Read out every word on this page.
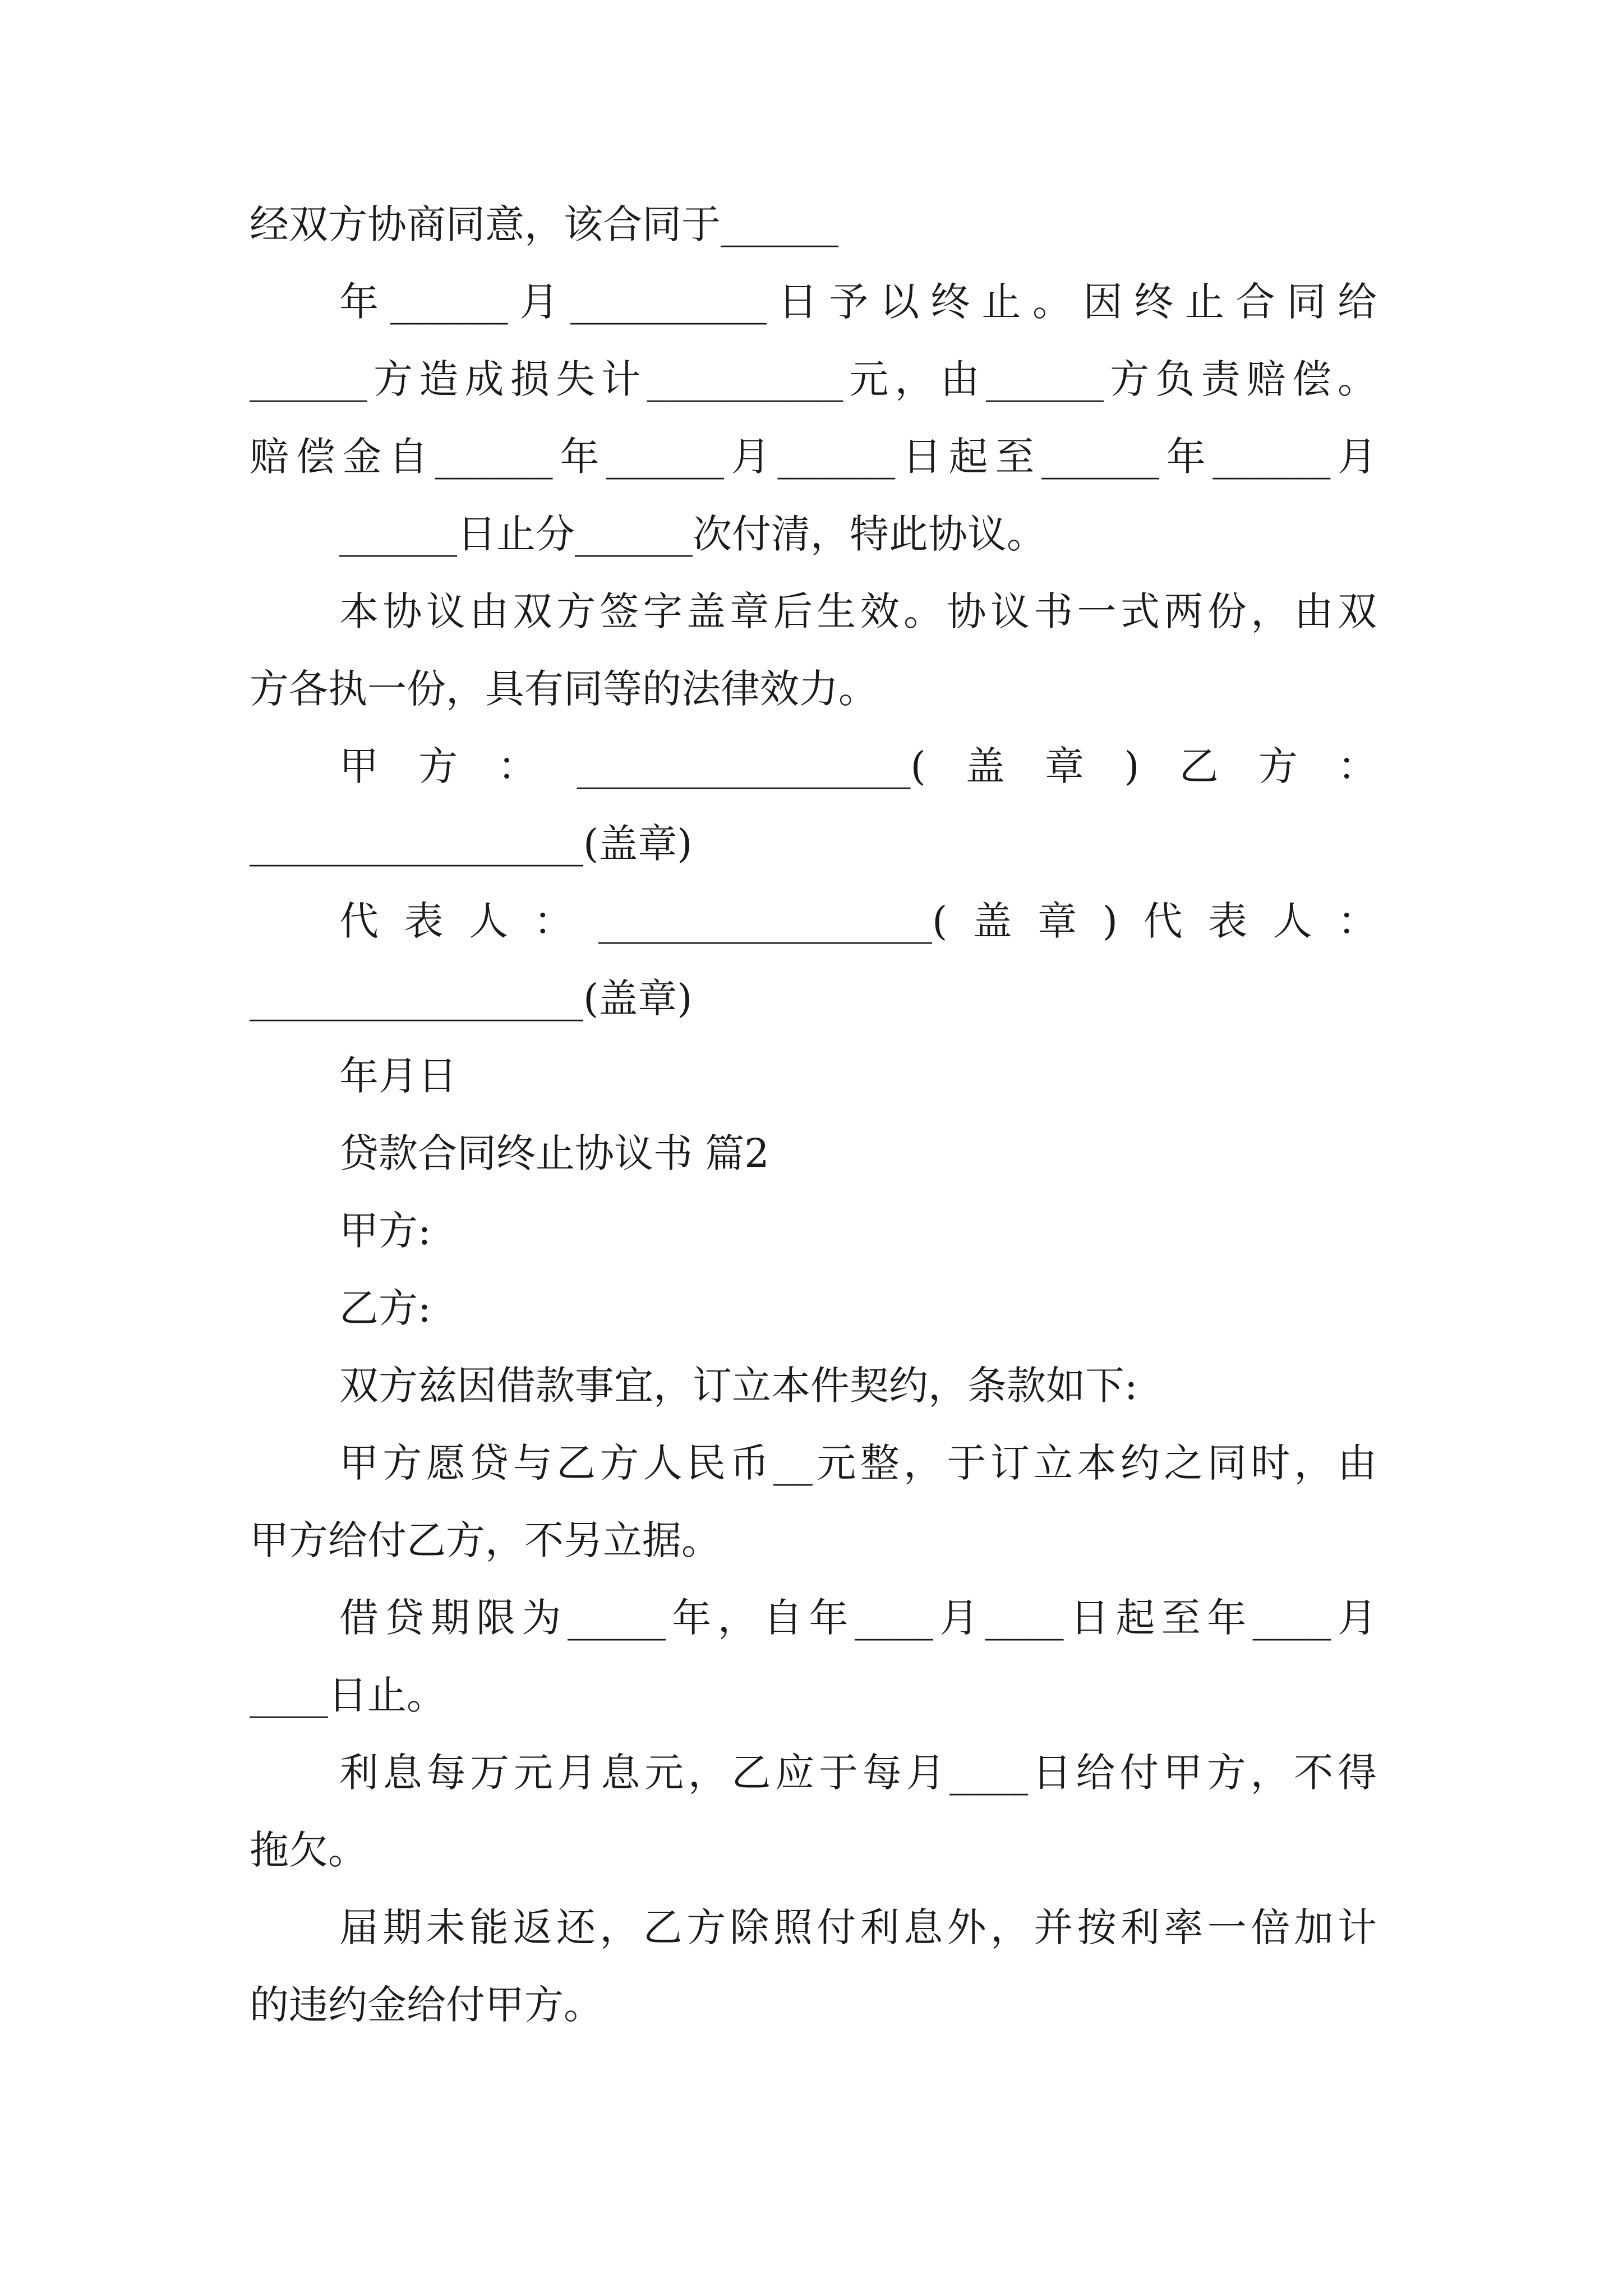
经双方协商同意，该合同于______
年______月__________日予以终止。因终止合同给
______方造成损失计__________元，由______方负责赔偿。
赔偿金自______年______月______日起至______年______月
______日止分______次付清，特此协议。
本协议由双方签字盖章后生效。协议书一式两份，由双
方各执一份，具有同等的法律效力。
甲方：_________________(盖章)乙方：
_________________(盖章)
代表人：_________________(盖章)代表人：
_________________(盖章)
年月日
贷款合同终止协议书 篇2
甲方:
乙方:
双方兹因借款事宜，订立本件契约，条款如下:
甲方愿贷与乙方人民币__元整，于订立本约之同时，由
甲方给付乙方，不另立据。
借贷期限为_____年，自年____月____日起至年____月
____日止。
利息每万元月息元，乙应于每月____日给付甲方，不得
拖欠。
届期未能返还，乙方除照付利息外，并按利率一倍加计
的违约金给付甲方。
